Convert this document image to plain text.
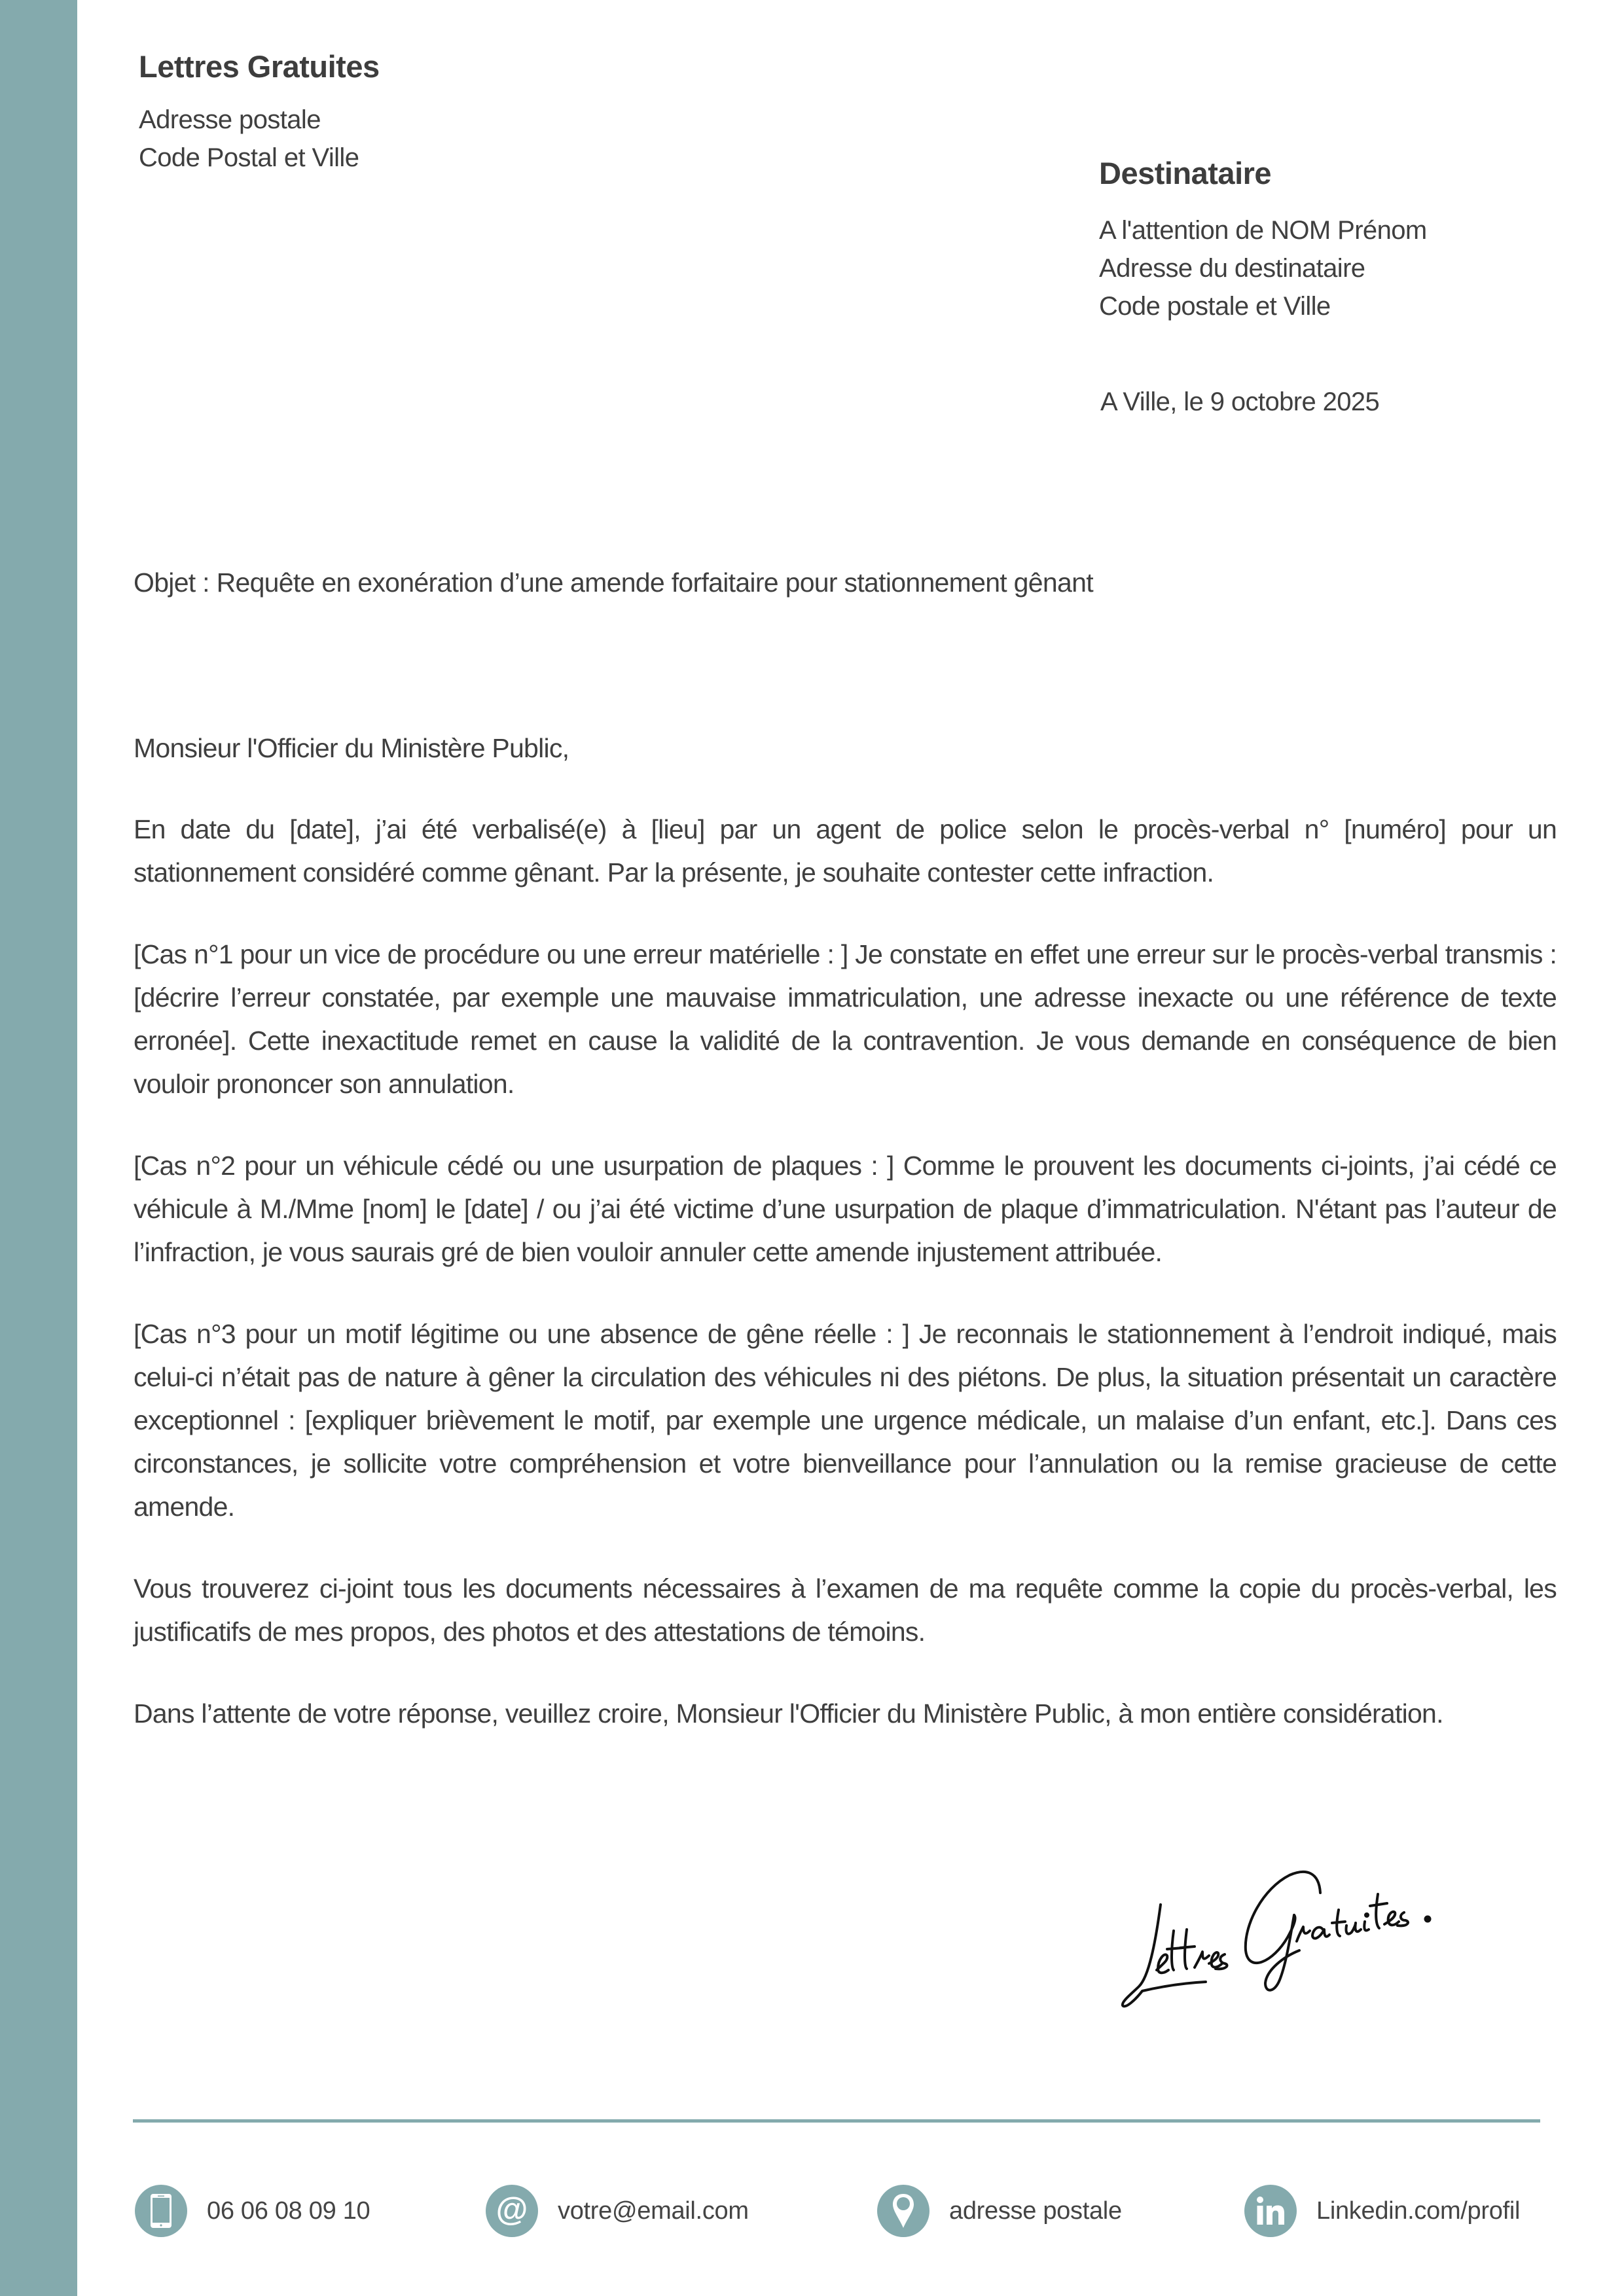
Lettres Gratuites
Adresse postale
Code Postal et Ville	Destinataire
A l'attention de NOM Prénom
Adresse du destinataire
Code postale et Ville
A Ville, le 9 octobre 2025
Objet : Requête en exonération d’une amende forfaitaire pour stationnement gênant

Monsieur l'Officier du Ministère Public,

En date du [date], j’ai été verbalisé(e) à [lieu] par un agent de police selon le procès-verbal n° [numéro] pour un stationnement considéré comme gênant. Par la présente, je souhaite contester cette infraction.

[Cas n°1 pour un vice de procédure ou une erreur matérielle : ] Je constate en effet une erreur sur le procès-verbal transmis : [décrire l’erreur constatée, par exemple une mauvaise immatriculation, une adresse inexacte ou une référence de texte erronée]. Cette inexactitude remet en cause la validité de la contravention. Je vous demande en conséquence de bien vouloir prononcer son annulation.

[Cas n°2 pour un véhicule cédé ou une usurpation de plaques : ] Comme le prouvent les documents ci-joints, j’ai cédé ce véhicule à M./Mme [nom] le [date] / ou j’ai été victime d’une usurpation de plaque d’immatriculation. N'étant pas l’auteur de l’infraction, je vous saurais gré de bien vouloir annuler cette amende injustement attribuée.

[Cas n°3 pour un motif légitime ou une absence de gêne réelle : ] Je reconnais le stationnement à l’endroit indiqué, mais celui-ci n’était pas de nature à gêner la circulation des véhicules ni des piétons. De plus, la situation présentait un caractère exceptionnel : [expliquer brièvement le motif, par exemple une urgence médicale, un malaise d’un enfant, etc.]. Dans ces circonstances, je sollicite votre compréhension et votre bienveillance pour l’annulation ou la remise gracieuse de cette amende.

Vous trouverez ci-joint tous les documents nécessaires à l’examen de ma requête comme la copie du procès-verbal, les justificatifs de mes propos, des photos et des attestations de témoins.

Dans l’attente de votre réponse, veuillez croire, Monsieur l'Officier du Ministère Public, à mon entière considération.

06 06 08 09 10	@ votre@email.com	adresse postale	Linkedin.com/profil
